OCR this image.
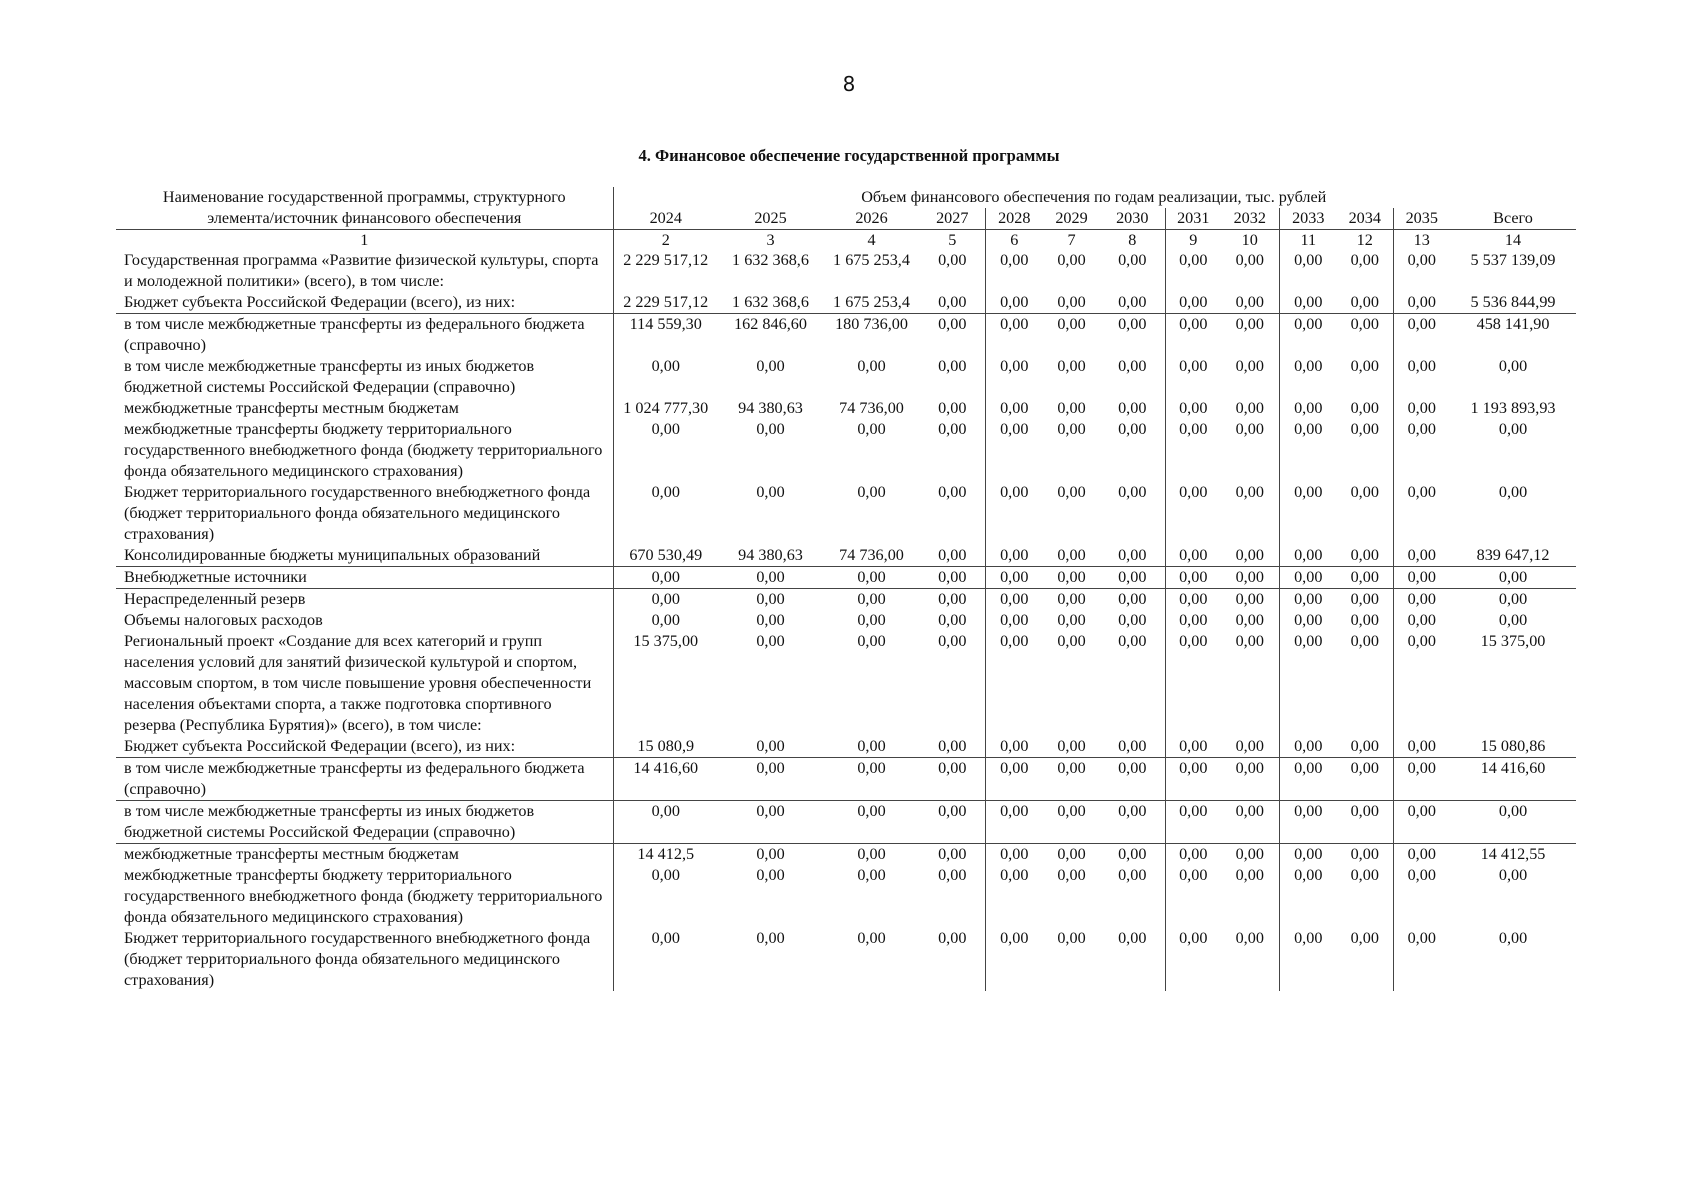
8
4. Финансовое обеспечение государственной программы
Наименование государственной программы, структурного	Объем финансового обеспечения по годам реализации, тыс. рублей												
элемента/источник финансового обеспечения	2024	2025	2026	2027	2028	2029	2030	2031	2032	2033	2034	2035	Всего
1	2	3	4	5	6	7	8	9	10	11	12	13	14
Государственная программа «Развитие физической культуры, спорта и молодежной политики» (всего), в том числе:	2 229 517,12	1 632 368,6	1 675 253,4	0,00	0,00	0,00	0,00	0,00	0,00	0,00	0,00	0,00	5 537 139,09
Бюджет субъекта Российской Федерации (всего), из них:	2 229 517,12	1 632 368,6	1 675 253,4	0,00	0,00	0,00	0,00	0,00	0,00	0,00	0,00	0,00	5 536 844,99
в том числе межбюджетные трансферты из федерального бюджета (справочно)	114 559,30	162 846,60	180 736,00	0,00	0,00	0,00	0,00	0,00	0,00	0,00	0,00	0,00	458 141,90
в том числе межбюджетные трансферты из иных бюджетов бюджетной системы Российской Федерации (справочно)	0,00	0,00	0,00	0,00	0,00	0,00	0,00	0,00	0,00	0,00	0,00	0,00	0,00
межбюджетные трансферты местным бюджетам	1 024 777,30	94 380,63	74 736,00	0,00	0,00	0,00	0,00	0,00	0,00	0,00	0,00	0,00	1 193 893,93
межбюджетные трансферты бюджету территориального государственного внебюджетного фонда (бюджету территориального фонда обязательного медицинского страхования)	0,00	0,00	0,00	0,00	0,00	0,00	0,00	0,00	0,00	0,00	0,00	0,00	0,00
Бюджет территориального государственного внебюджетного фонда (бюджет территориального фонда обязательного медицинского страхования)	0,00	0,00	0,00	0,00	0,00	0,00	0,00	0,00	0,00	0,00	0,00	0,00	0,00
Консолидированные бюджеты муниципальных образований	670 530,49	94 380,63	74 736,00	0,00	0,00	0,00	0,00	0,00	0,00	0,00	0,00	0,00	839 647,12
Внебюджетные источники	0,00	0,00	0,00	0,00	0,00	0,00	0,00	0,00	0,00	0,00	0,00	0,00	0,00
Нераспределенный резерв	0,00	0,00	0,00	0,00	0,00	0,00	0,00	0,00	0,00	0,00	0,00	0,00	0,00
Объемы налоговых расходов	0,00	0,00	0,00	0,00	0,00	0,00	0,00	0,00	0,00	0,00	0,00	0,00	0,00
Региональный проект «Создание для всех категорий и групп населения условий для занятий физической культурой и спортом, массовым спортом, в том числе повышение уровня обеспеченности населения объектами спорта, а также подготовка спортивного резерва (Республика Бурятия)» (всего), в том числе:	15 375,00	0,00	0,00	0,00	0,00	0,00	0,00	0,00	0,00	0,00	0,00	0,00	15 375,00
Бюджет субъекта Российской Федерации (всего), из них:	15 080,9	0,00	0,00	0,00	0,00	0,00	0,00	0,00	0,00	0,00	0,00	0,00	15 080,86
в том числе межбюджетные трансферты из федерального бюджета (справочно)	14 416,60	0,00	0,00	0,00	0,00	0,00	0,00	0,00	0,00	0,00	0,00	0,00	14 416,60
в том числе межбюджетные трансферты из иных бюджетов бюджетной системы Российской Федерации (справочно)	0,00	0,00	0,00	0,00	0,00	0,00	0,00	0,00	0,00	0,00	0,00	0,00	0,00
межбюджетные трансферты местным бюджетам	14 412,5	0,00	0,00	0,00	0,00	0,00	0,00	0,00	0,00	0,00	0,00	0,00	14 412,55
межбюджетные трансферты бюджету территориального государственного внебюджетного фонда (бюджету территориального фонда обязательного медицинского страхования)	0,00	0,00	0,00	0,00	0,00	0,00	0,00	0,00	0,00	0,00	0,00	0,00	0,00
Бюджет территориального государственного внебюджетного фонда (бюджет территориального фонда обязательного медицинского страхования)	0,00	0,00	0,00	0,00	0,00	0,00	0,00	0,00	0,00	0,00	0,00	0,00	0,00
